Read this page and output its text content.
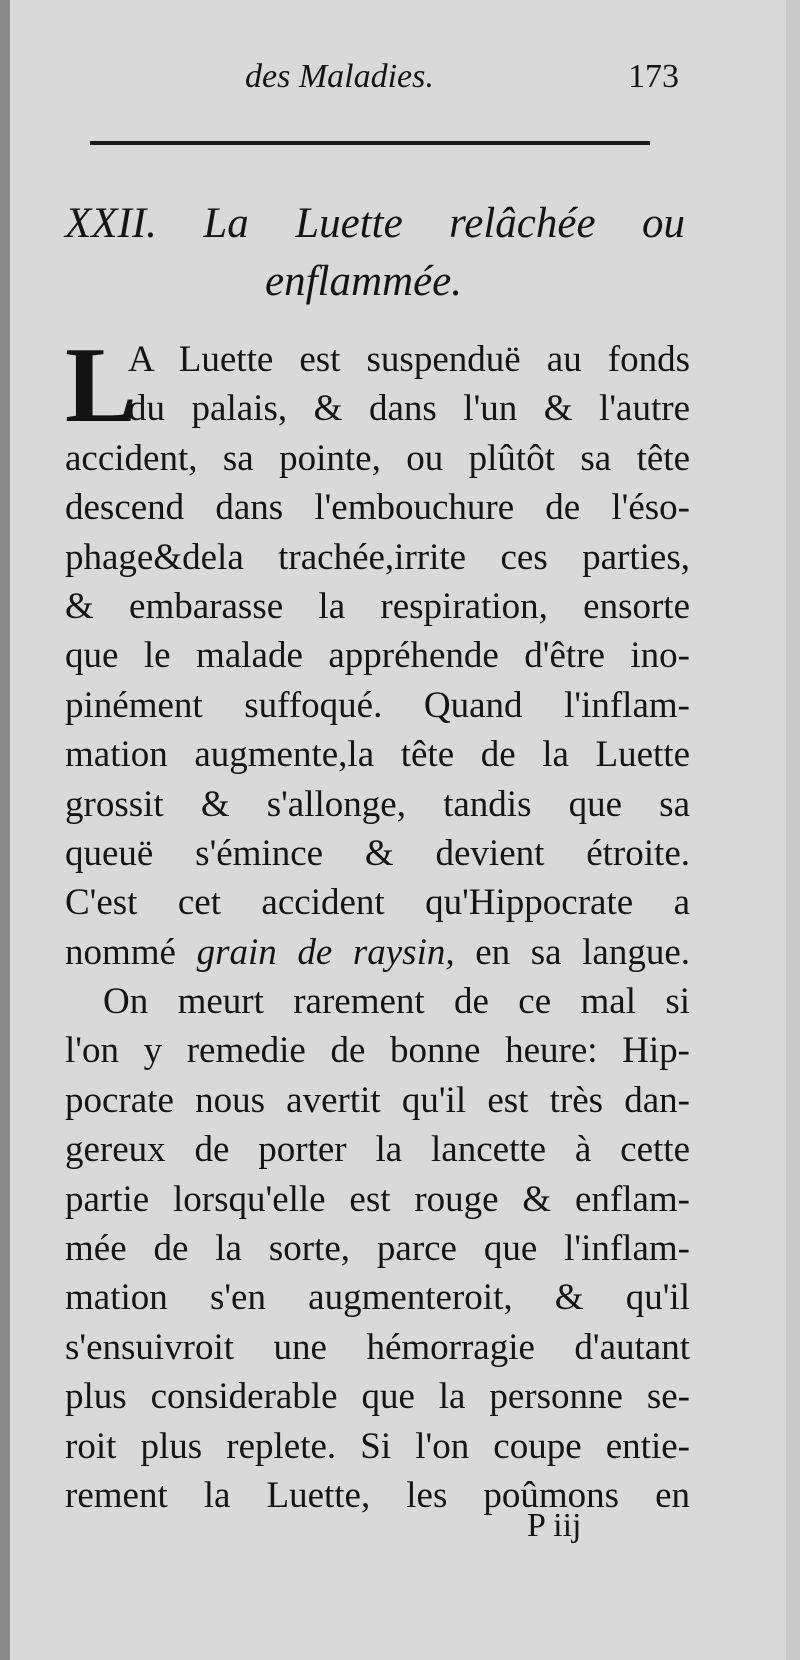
des Maladies.	173
XXII. La Luette relâchée ou
enflammée.
L
A Luette est suspenduë au fonds
du palais, & dans l'un & l'autre
accident, sa pointe, ou plûtôt sa tête
descend dans l'embouchure de l'éso-
phage&dela trachée,irrite ces parties,
& embarasse la respiration, ensorte
que le malade appréhende d'être ino-
pinément suffoqué. Quand l'inflam-
mation augmente,la tête de la Luette
grossit & s'allonge, tandis que sa
queuë s'émince & devient étroite.
C'est cet accident qu'Hippocrate a
nommé grain de raysin, en sa langue.
On meurt rarement de ce mal si
l'on y remedie de bonne heure: Hip-
pocrate nous avertit qu'il est très dan-
gereux de porter la lancette à cette
partie lorsqu'elle est rouge & enflam-
mée de la sorte, parce que l'inflam-
mation s'en augmenteroit, & qu'il
s'ensuivroit une hémorragie d'autant
plus considerable que la personne se-
roit plus replete. Si l'on coupe entie-
rement la Luette, les poûmons en
P iij
